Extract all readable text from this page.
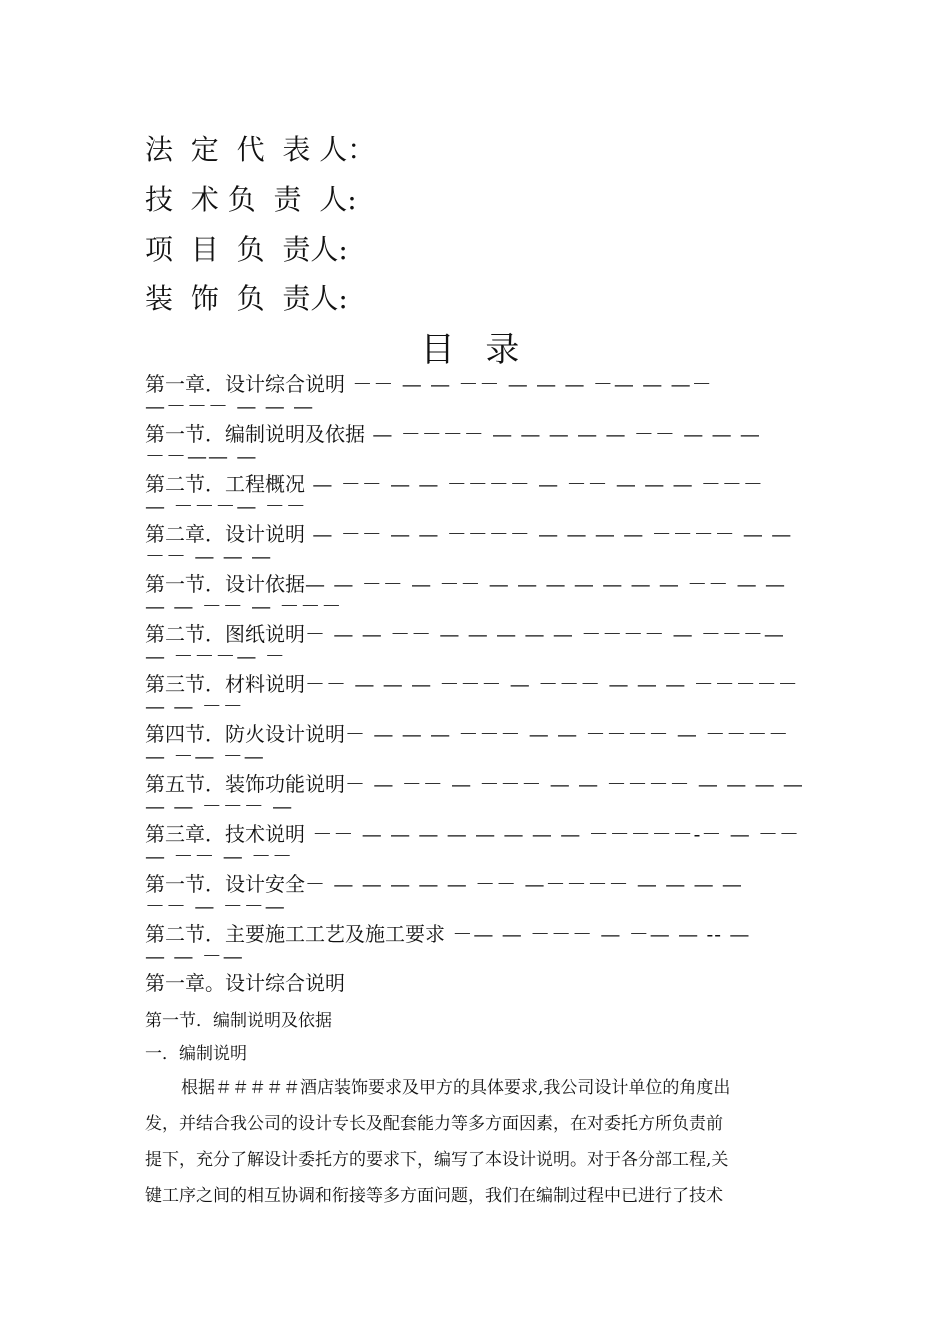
法  定  代  表 人：
技  术 负  责  人:
项  目  负  责人:
装  饰  负  责人:
目 录
第一章．设计综合说明 －－ — — －－ — — — －— — —－
—－－－ — — —
第一节．编制说明及依据 — －－－－ — — — — — －－ — — —
－－—— —
第二节．工程概况 — －－ — — －－－－ — －－ — — — －－－
— －－－— －－
第二章．设计说明 — －－ — — －－－－ — — — — －－－－ — —
－－ — — —
第一节．设计依据— — －－ — －－ — — — — — — — －－ — —
— — －－ — －－－
第二节．图纸说明－ — — －－ — — — — — －－－－ — －－－—
— －－－— －
第三节．材料说明－－ — — — －－－ — －－－ — — — －－－－－
— — －－
第四节．防火设计说明－ — — — －－－ — — －－－－ — －－－－
— －— －—
第五节．装饰功能说明－ — －－ — －－－ — — －－－－ — — — —
— — －－－ —
第三章．技术说明 －－ — — — — — — — — －－－－－-－ — －－
— －－ — －－
第一节．设计安全－ — — — — — －－ —－－－－ — — — —
－－ — －－—
第二节．主要施工工艺及施工要求 －— — －－－ — －— — -- —
— — －—
第一章。设计综合说明
第一节．编制说明及依据
一．编制说明
根据＃＃＃＃＃酒店装饰要求及甲方的具体要求,我公司设计单位的角度出
发，并结合我公司的设计专长及配套能力等多方面因素，在对委托方所负责前
提下，充分了解设计委托方的要求下，编写了本设计说明。对于各分部工程,关
键工序之间的相互协调和衔接等多方面问题，我们在编制过程中已进行了技术
